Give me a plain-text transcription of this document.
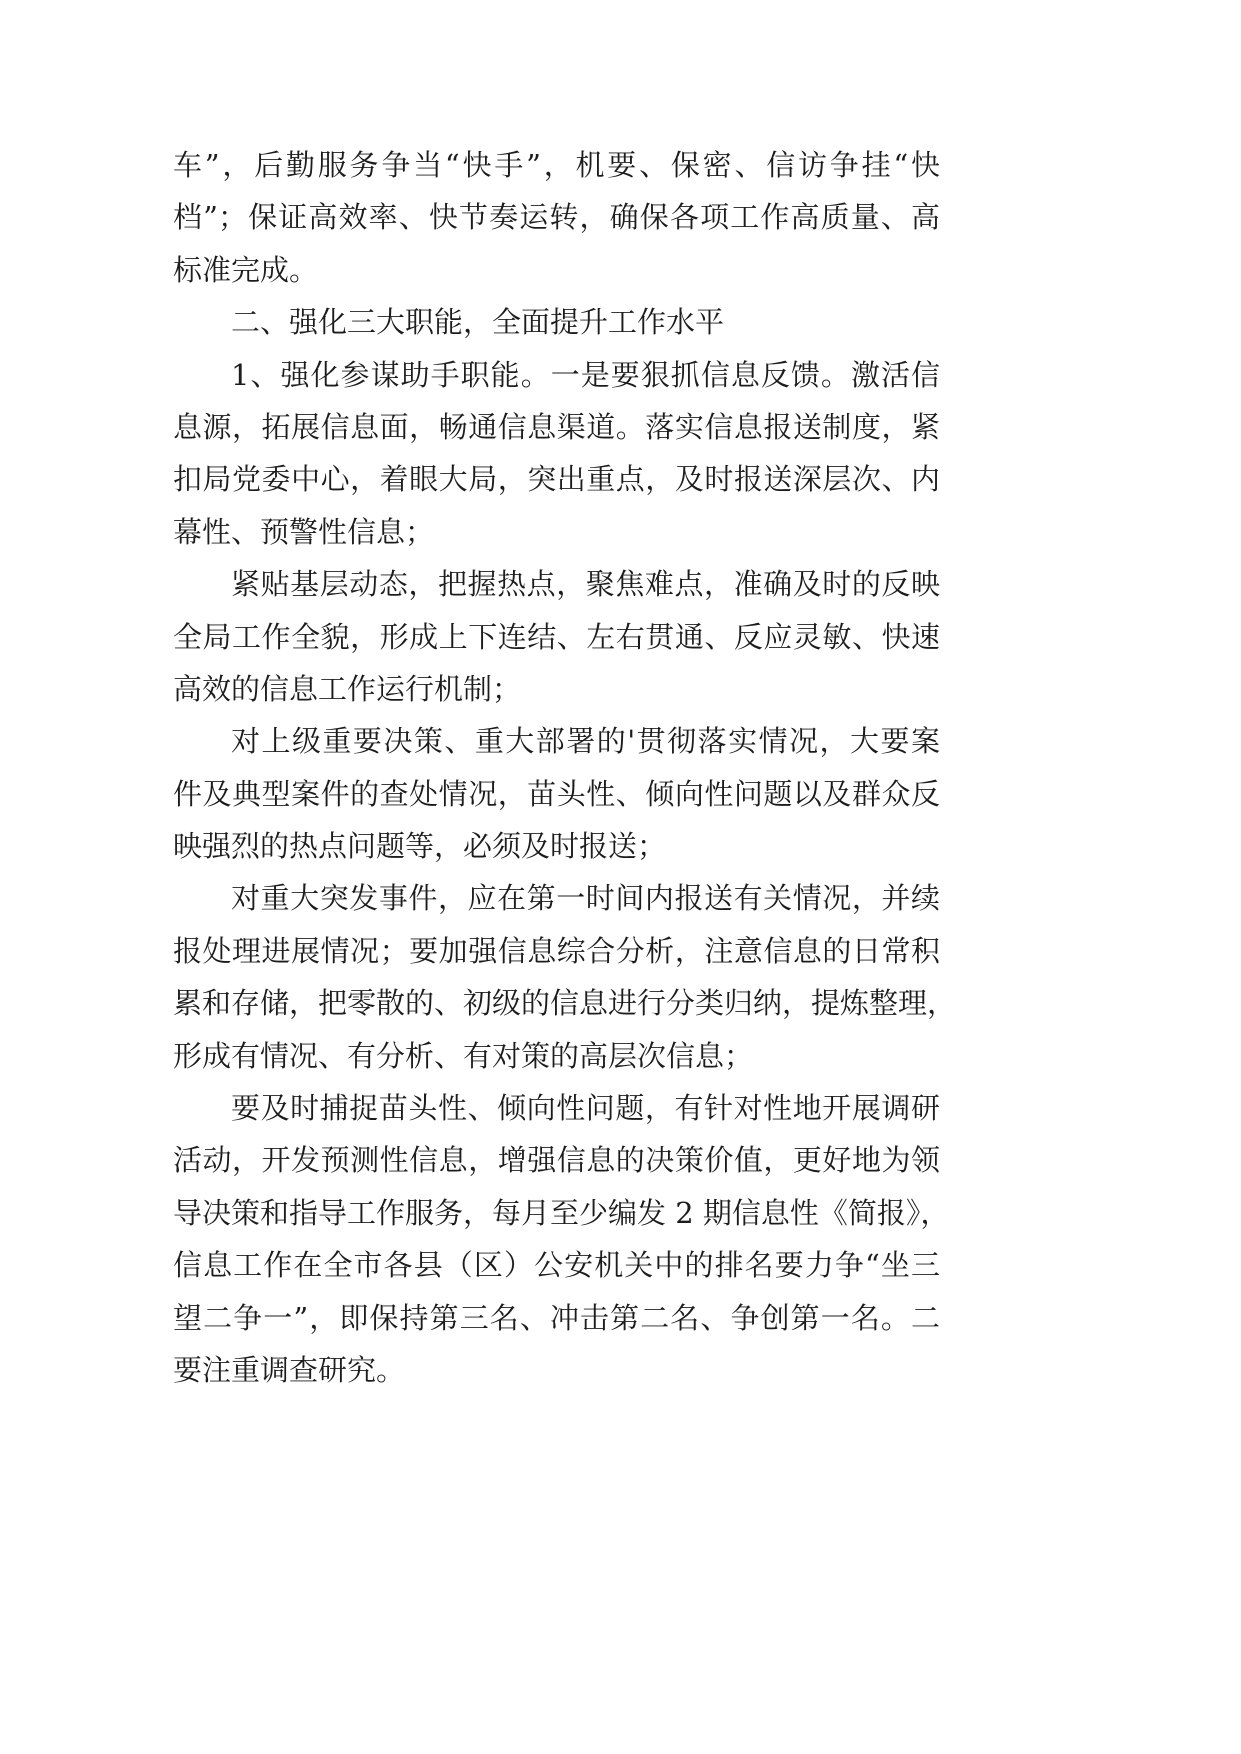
车”，后勤服务争当“快手”，机要、保密、信访争挂“快
档”；保证高效率、快节奏运转，确保各项工作高质量、高
标准完成。
二、强化三大职能，全面提升工作水平
1、强化参谋助手职能。一是要狠抓信息反馈。激活信
息源，拓展信息面，畅通信息渠道。落实信息报送制度，紧
扣局党委中心，着眼大局，突出重点，及时报送深层次、内
幕性、预警性信息；
紧贴基层动态，把握热点，聚焦难点，准确及时的反映
全局工作全貌，形成上下连结、左右贯通、反应灵敏、快速
高效的信息工作运行机制；
对上级重要决策、重大部署的'贯彻落实情况，大要案
件及典型案件的查处情况，苗头性、倾向性问题以及群众反
映强烈的热点问题等，必须及时报送；
对重大突发事件，应在第一时间内报送有关情况，并续
报处理进展情况；要加强信息综合分析，注意信息的日常积
累和存储，把零散的、初级的信息进行分类归纳，提炼整理，
形成有情况、有分析、有对策的高层次信息；
要及时捕捉苗头性、倾向性问题，有针对性地开展调研
活动，开发预测性信息，增强信息的决策价值，更好地为领
导决策和指导工作服务，每月至少编发 2 期信息性《简报》，
信息工作在全市各县（区）公安机关中的排名要力争“坐三
望二争一”，即保持第三名、冲击第二名、争创第一名。二
要注重调查研究。
